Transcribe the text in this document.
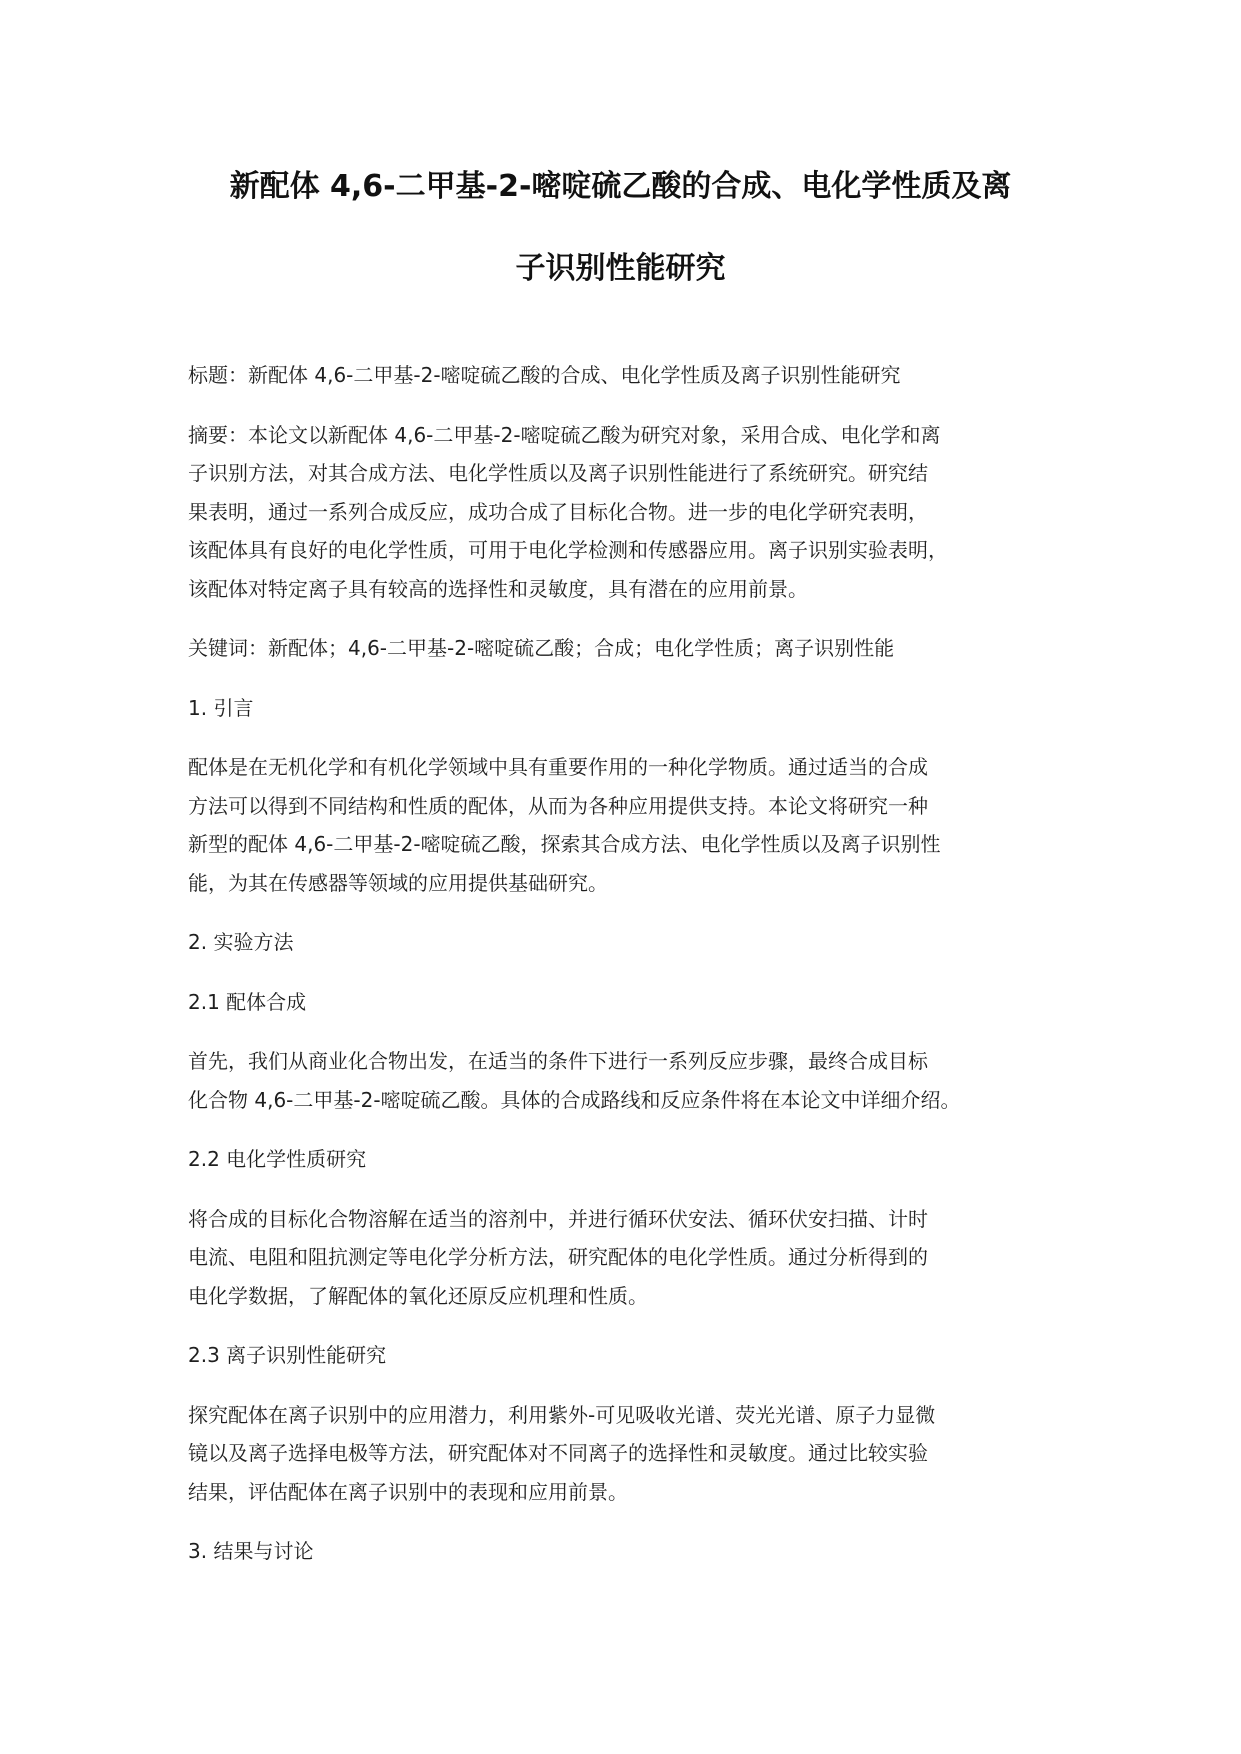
新配体 4,6-二甲基-2-嘧啶硫乙酸的合成、电化学性质及离
子识别性能研究

标题：新配体 4,6-二甲基-2-嘧啶硫乙酸的合成、电化学性质及离子识别性能研究

摘要：本论文以新配体 4,6-二甲基-2-嘧啶硫乙酸为研究对象，采用合成、电化学和离
子识别方法，对其合成方法、电化学性质以及离子识别性能进行了系统研究。研究结
果表明，通过一系列合成反应，成功合成了目标化合物。进一步的电化学研究表明，
该配体具有良好的电化学性质，可用于电化学检测和传感器应用。离子识别实验表明，
该配体对特定离子具有较高的选择性和灵敏度，具有潜在的应用前景。

关键词：新配体；4,6-二甲基-2-嘧啶硫乙酸；合成；电化学性质；离子识别性能

1. 引言

配体是在无机化学和有机化学领域中具有重要作用的一种化学物质。通过适当的合成
方法可以得到不同结构和性质的配体，从而为各种应用提供支持。本论文将研究一种
新型的配体 4,6-二甲基-2-嘧啶硫乙酸，探索其合成方法、电化学性质以及离子识别性
能，为其在传感器等领域的应用提供基础研究。

2. 实验方法

2.1 配体合成

首先，我们从商业化合物出发，在适当的条件下进行一系列反应步骤，最终合成目标
化合物 4,6-二甲基-2-嘧啶硫乙酸。具体的合成路线和反应条件将在本论文中详细介绍。

2.2 电化学性质研究

将合成的目标化合物溶解在适当的溶剂中，并进行循环伏安法、循环伏安扫描、计时
电流、电阻和阻抗测定等电化学分析方法，研究配体的电化学性质。通过分析得到的
电化学数据，了解配体的氧化还原反应机理和性质。

2.3 离子识别性能研究

探究配体在离子识别中的应用潜力，利用紫外-可见吸收光谱、荧光光谱、原子力显微
镜以及离子选择电极等方法，研究配体对不同离子的选择性和灵敏度。通过比较实验
结果，评估配体在离子识别中的表现和应用前景。

3. 结果与讨论
